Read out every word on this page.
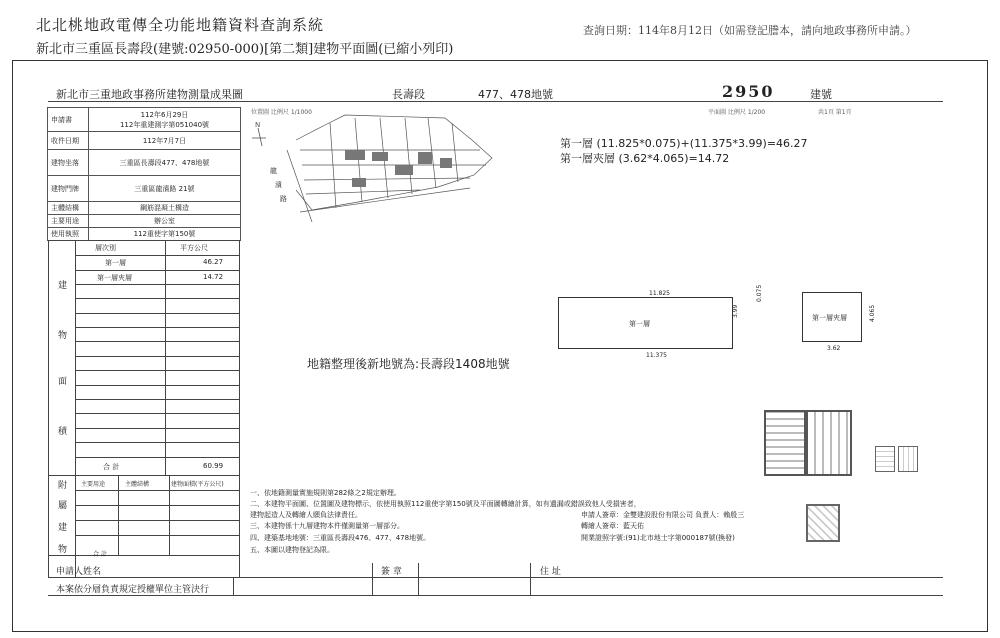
北北桃地政電傳全功能地籍資料查詢系統
新北市三重區長壽段(建號:02950-000)[第二類]建物平面圖(已縮小列印)
查詢日期：114年8月12日（如需登記謄本，請向地政事務所申請。）
新北市三重地政事務所建物測量成果圖	長壽段	477、478地號	2950	建號
位置圖 比例尺 1/1000	平面圖 比例尺 1/200	共1頁 第1頁
申請書	112年6月29日
112年重建測字第051040號
收件日期	112年7月7日
建物坐落	三重區長壽段477、478地號
建物門牌	三重區龍濱路 21號
主體結構	鋼筋混凝土構造
主要用途	辦公室
使用執照	112重使字第150號
層次別	平方公尺
第一層	46.27
第一層夾層	14.72
建
物
面
積
合 計	60.99
附
屬
建
物
主要用途	主體結構	建物面積(平方公尺)
合 計
申請人姓名	簽 章	住 址
本案依分層負責規定授權單位主管決行
第一層 (11.825*0.075)+(11.375*3.99)=46.27
第一層夾層 (3.62*4.065)=14.72
第一層
11.825
11.375
3.99
0.075
第一層夾層
3.62
4.065
N
龍
濱
路
地籍整理後新地號為:長壽段1408地號
一、依地籍測量實施規則第282條之2規定辦理。
二、本建物平面圖、位置圖及建物標示，依使用執照112重使字第150號及平面圖轉繪計算，如有遺漏或錯誤致他人受損害者，
建物起造人及轉繪人願負法律責任。
三、本建物係十九層建物本件僅測量第一層部分。
四、建築基地地號：三重區長壽段476、477、478地號。
五、本圖以建物登記為限。
申請人簽章：金雙建設股份有限公司 負責人：賴殷三
轉繪人簽章：藍天佑
開業證照字號:(91)北市地士字第000187號(換發)
